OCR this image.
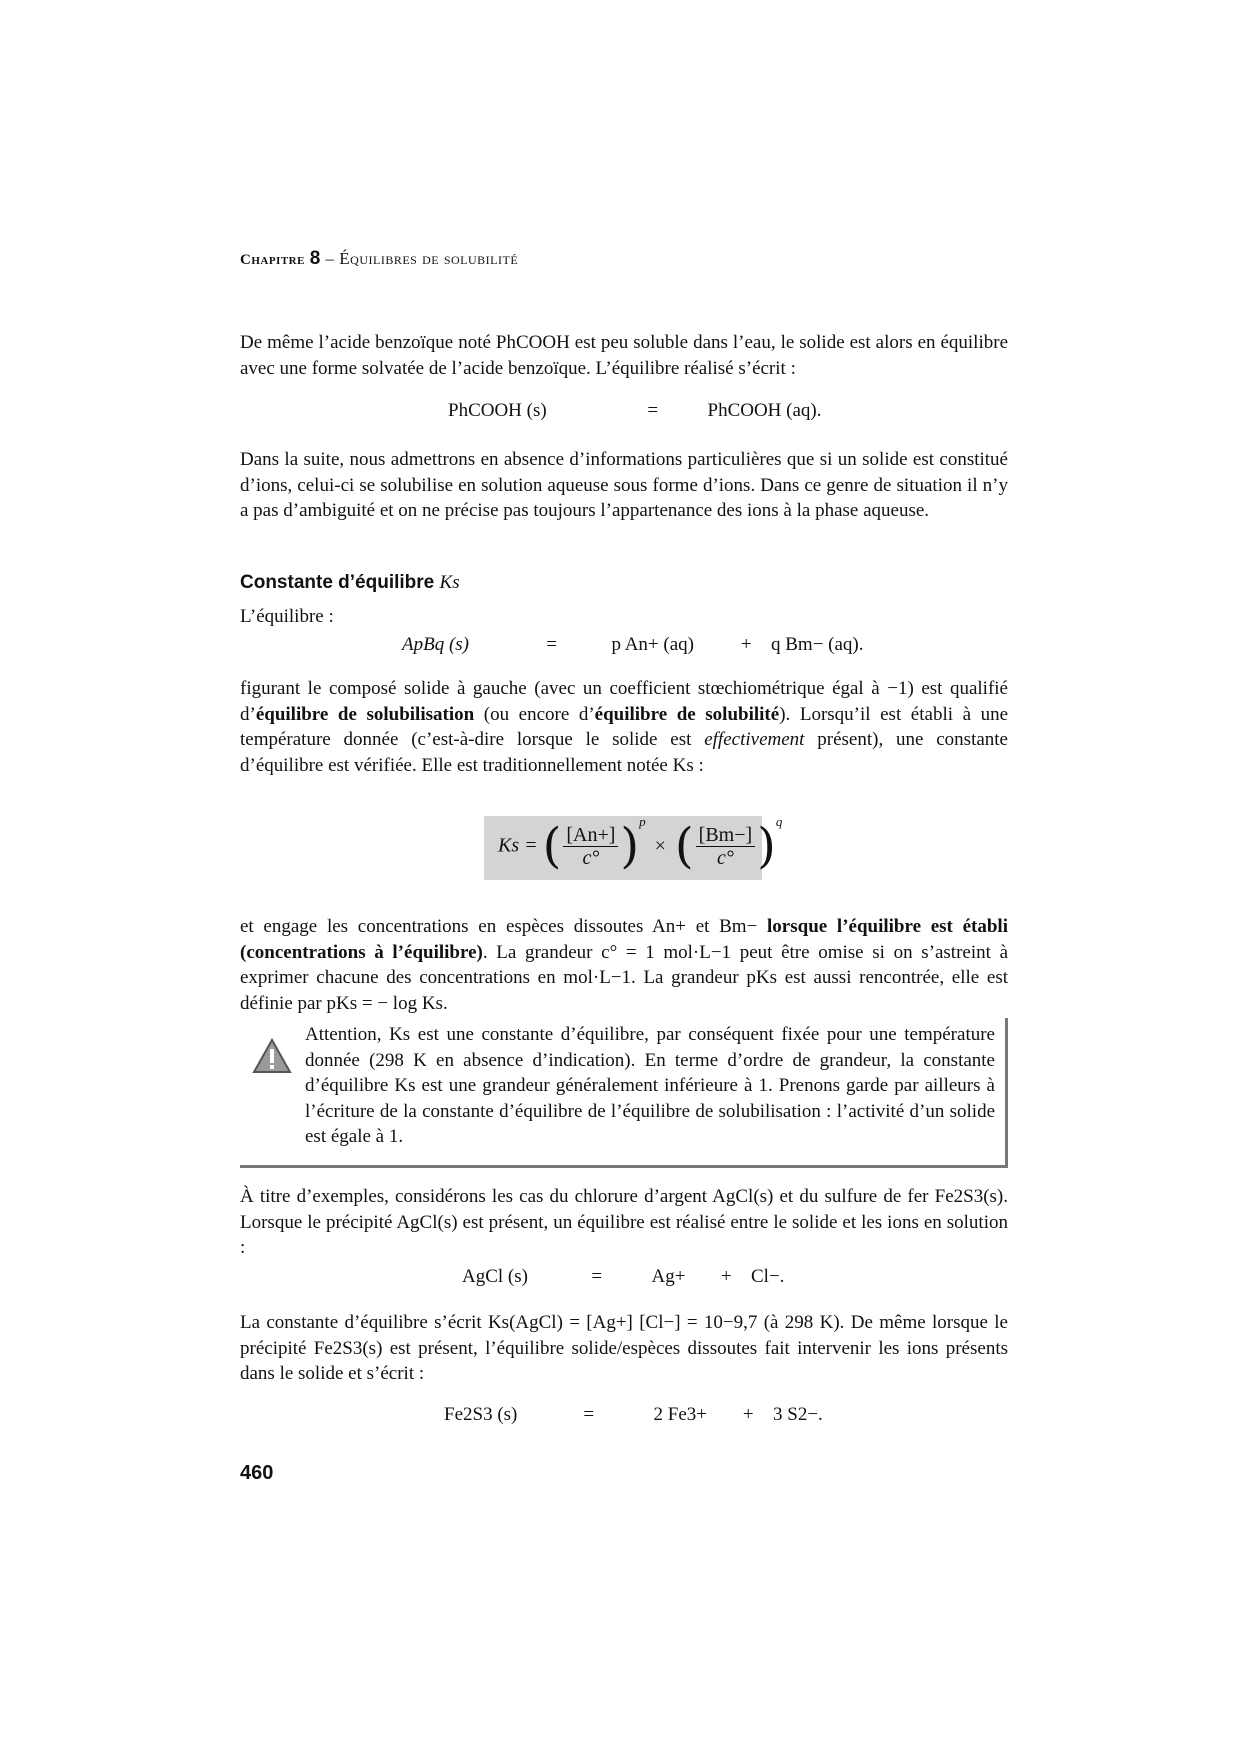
Chapitre 8 – Équilibres de solubilité
De même l’acide benzoïque noté PhCOOH est peu soluble dans l’eau, le solide est alors en équilibre avec une forme solvatée de l’acide benzoïque. L’équilibre réalisé s’écrit :
PhCOOH (s)	=	PhCOOH (aq).
Dans la suite, nous admettrons en absence d’informations particulières que si un solide est constitué d’ions, celui-ci se solubilise en solution aqueuse sous forme d’ions. Dans ce genre de situation il n’y a pas d’ambiguité et on ne précise pas toujours l’appartenance des ions à la phase aqueuse.
Constante d’équilibre Ks
L’équilibre :
ApBq (s)	=	p An+ (aq) + q Bm− (aq).
figurant le composé solide à gauche (avec un coefficient stœchiométrique égal à −1) est qualifié d’équilibre de solubilisation (ou encore d’équilibre de solubilité). Lorsqu’il est établi à une température donnée (c’est-à-dire lorsque le solide est effectivement présent), une constante d’équilibre est vérifiée. Elle est traditionnellement notée Ks :
Ks = ( $\frac{[An+]}{c^\circ} )^p$ × ( $\frac{[Bm-]}{c^\circ} )^q$
et engage les concentrations en espèces dissoutes An+ et Bm− lorsque l’équilibre est établi (concentrations à l’équilibre). La grandeur c° = 1 mol·L−1 peut être omise si on s’astreint à exprimer chacune des concentrations en mol·L−1. La grandeur pKs est aussi rencontrée, elle est définie par pKs = − log Ks.
Attention, Ks est une constante d’équilibre, par conséquent fixée pour une température donnée (298 K en absence d’indication). En terme d’ordre de grandeur, la constante d’équilibre Ks est une grandeur généralement inférieure à 1. Prenons garde par ailleurs à l’écriture de la constante d’équilibre de l’équilibre de solubilisation : l’activité d’un solide est égale à 1.
À titre d’exemples, considérons les cas du chlorure d’argent AgCl(s) et du sulfure de fer Fe2S3(s). Lorsque le précipité AgCl(s) est présent, un équilibre est réalisé entre le solide et les ions en solution :
AgCl (s)	=	Ag+ + Cl−.
La constante d’équilibre s’écrit Ks(AgCl) = [Ag+] [Cl−] = 10−9,7 (à 298 K). De même lorsque le précipité Fe2S3(s) est présent, l’équilibre solide/espèces dissoutes fait intervenir les ions présents dans le solide et s’écrit :
Fe2S3 (s)	=	2 Fe3+ + 3 S2−.
460
